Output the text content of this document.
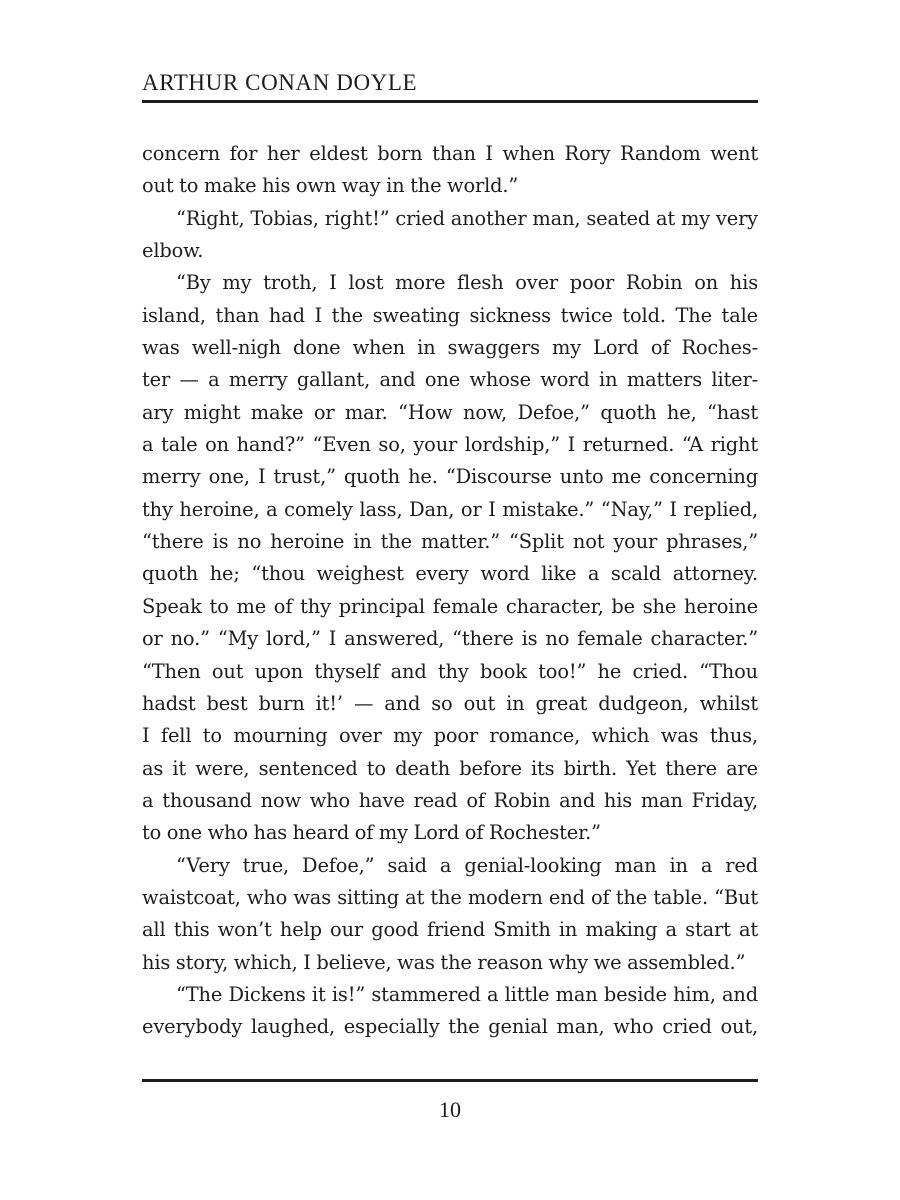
ARTHUR CONAN DOYLE
concern for her eldest born than I when Rory Random went
out to make his own way in the world.”
“Right, Tobias, right!” cried another man, seated at my very
elbow.
“By my troth, I lost more flesh over poor Robin on his
island, than had I the sweating sickness twice told. The tale
was well-nigh done when in swaggers my Lord of Roches-
ter — a merry gallant, and one whose word in matters liter-
ary might make or mar. “How now, Defoe,” quoth he, “hast
a tale on hand?” “Even so, your lordship,” I returned. “A right
merry one, I trust,” quoth he. “Discourse unto me concerning
thy heroine, a comely lass, Dan, or I mistake.” “Nay,” I replied,
“there is no heroine in the matter.” “Split not your phrases,”
quoth he; “thou weighest every word like a scald attorney.
Speak to me of thy principal female character, be she heroine
or no.” “My lord,” I answered, “there is no female character.”
“Then out upon thyself and thy book too!” he cried. “Thou
hadst best burn it!’ — and so out in great dudgeon, whilst
I fell to mourning over my poor romance, which was thus,
as it were, sentenced to death before its birth. Yet there are
a thousand now who have read of Robin and his man Friday,
to one who has heard of my Lord of Rochester.”
“Very true, Defoe,” said a genial-looking man in a red
waistcoat, who was sitting at the modern end of the table. “But
all this won’t help our good friend Smith in making a start at
his story, which, I believe, was the reason why we assembled.”
“The Dickens it is!” stammered a little man beside him, and
everybody laughed, especially the genial man, who cried out,
10
